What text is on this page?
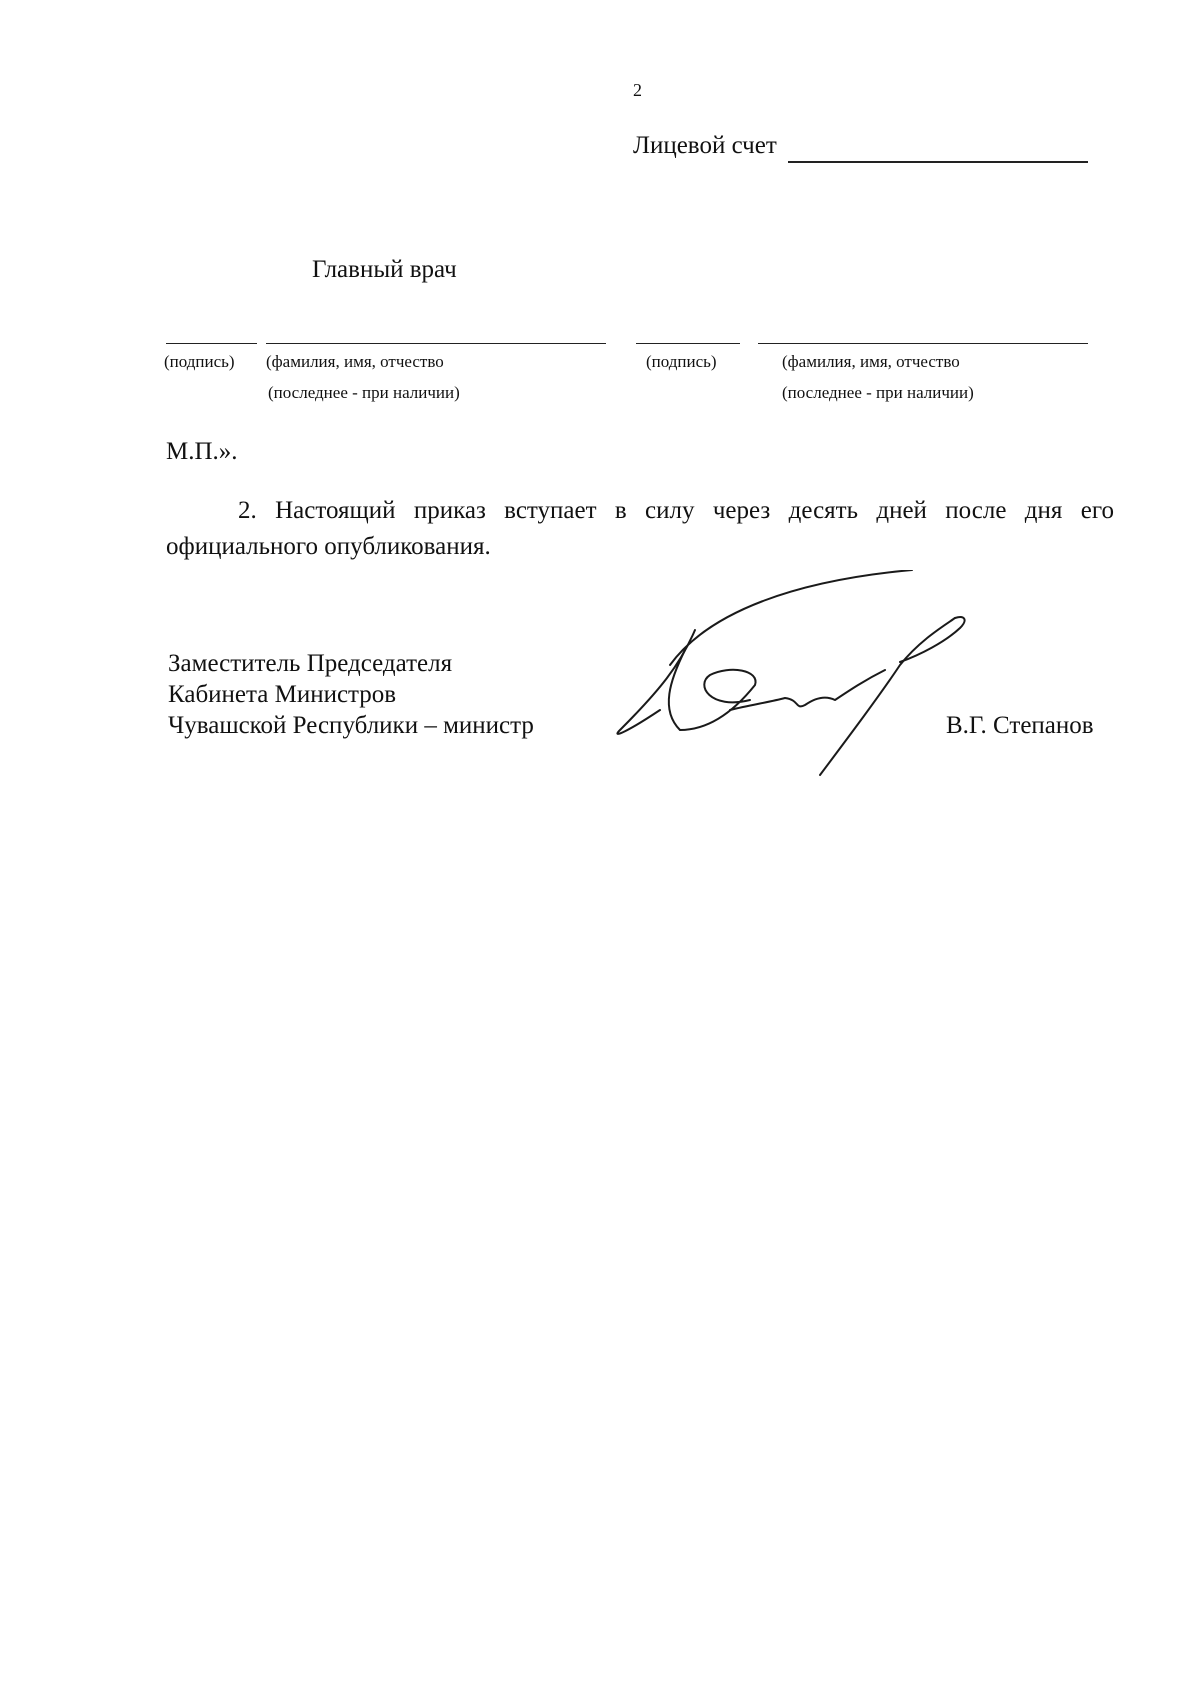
2
Лицевой счет
Главный врач
(подпись) (фамилия, имя, отчество
(последнее - при наличии)
(подпись)	(фамилия, имя, отчество
(последнее - при наличии)
М.П.».
2. Настоящий приказ вступает в силу через десять дней после дня его официального опубликования.
Заместитель Председателя
Кабинета Министров
Чувашской Республики – министр	В.Г. Степанов
